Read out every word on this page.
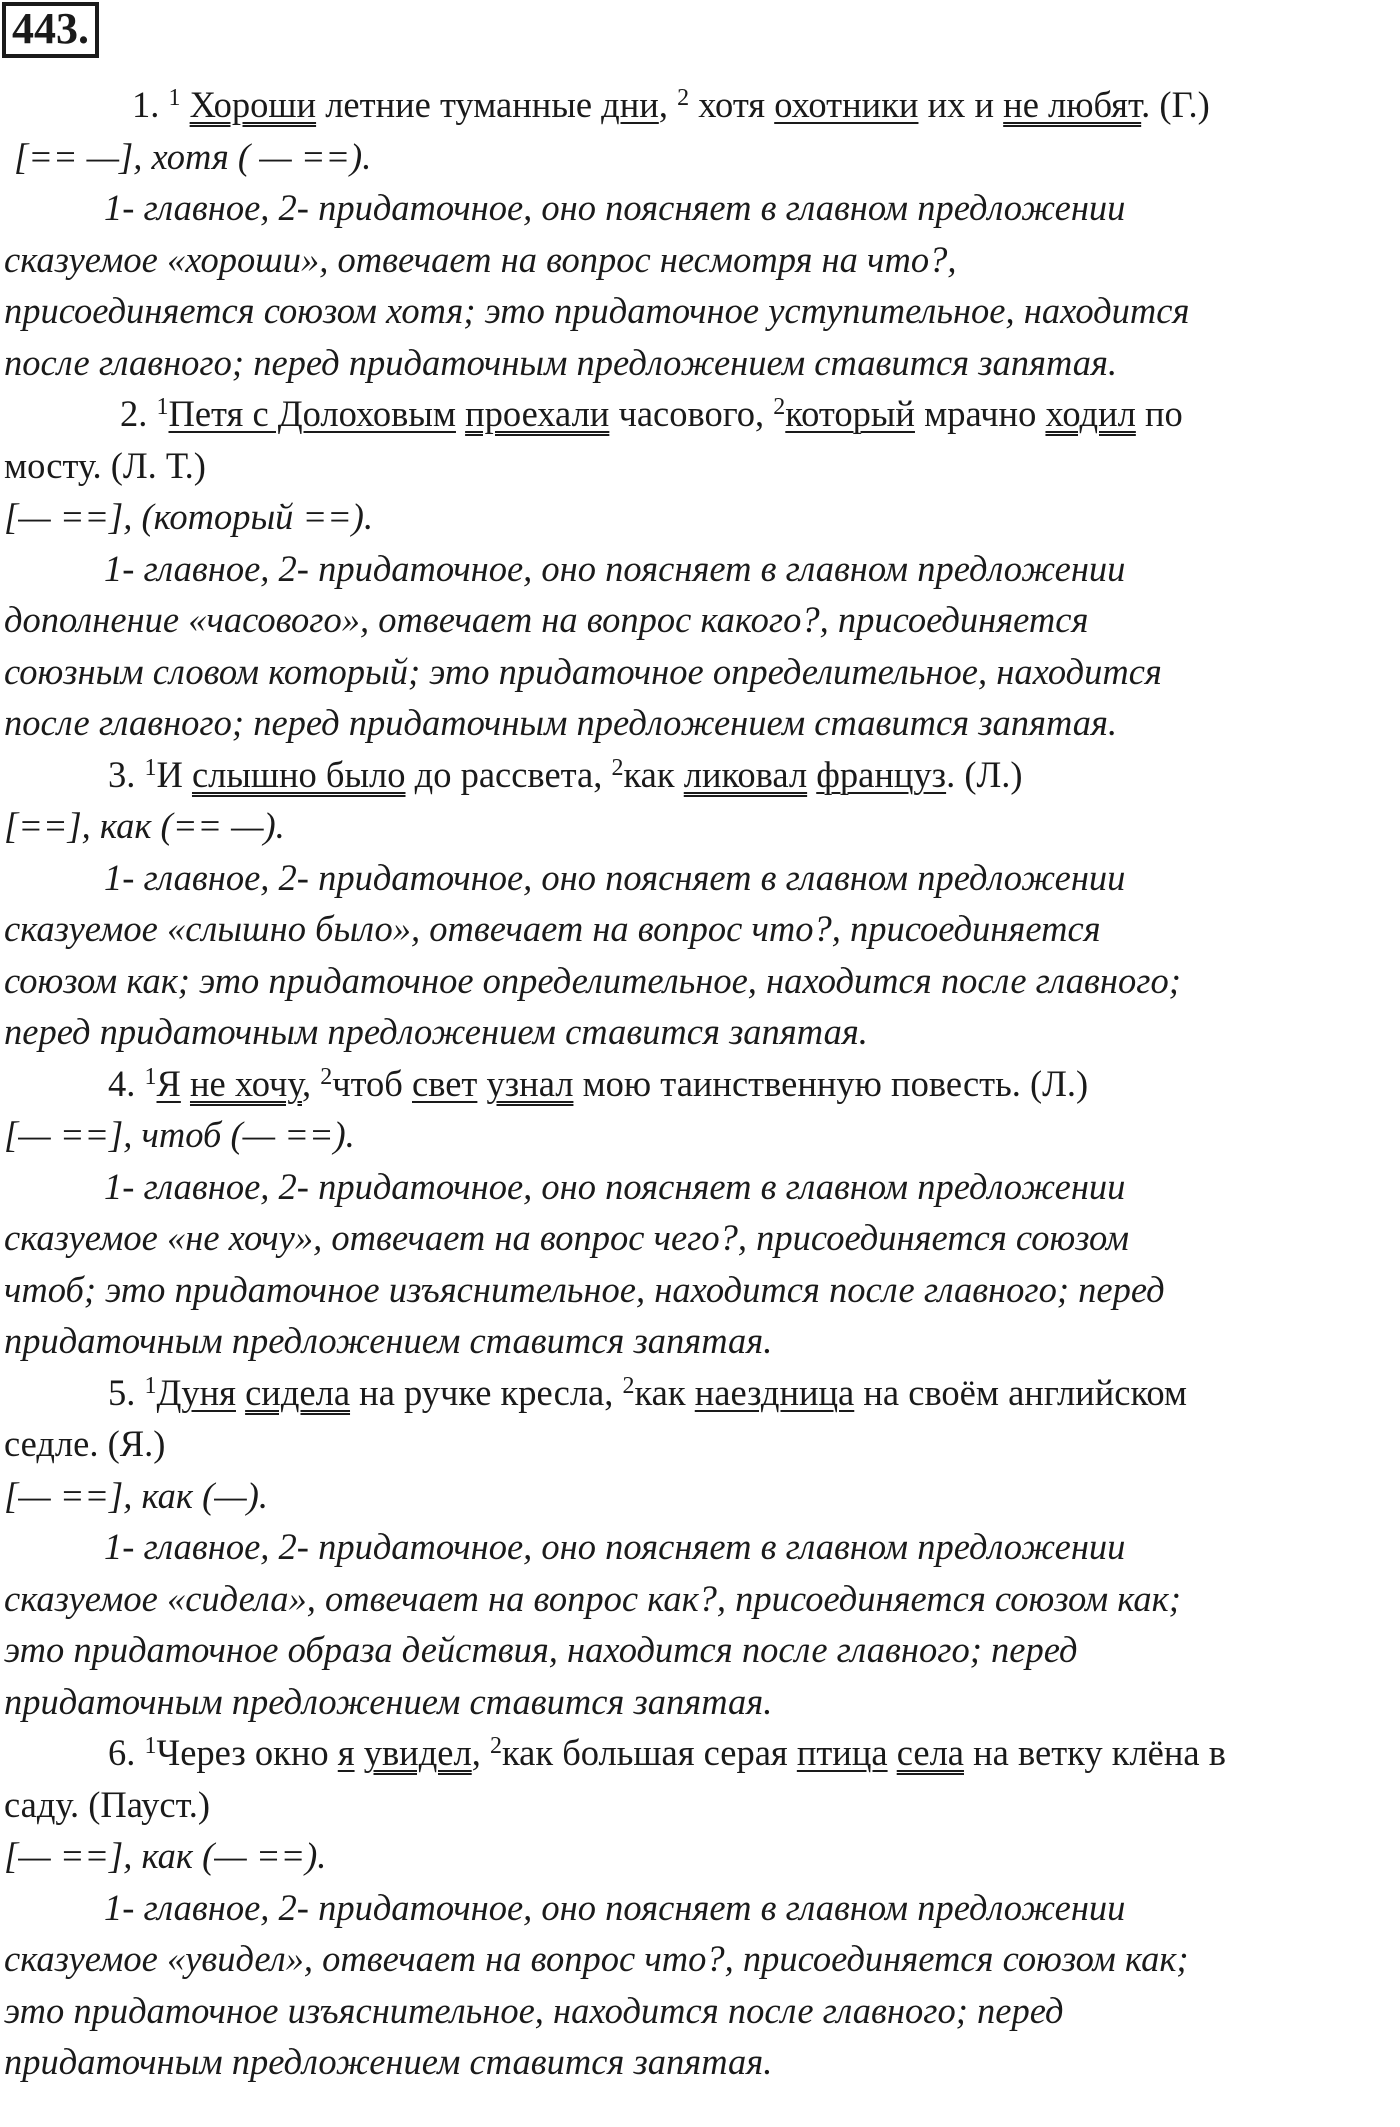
443.
1. $^1$ Хороши летние туманные дни, $^2$ хотя охотники их и не любят. (Г.)
[== —], хотя ( — ==).
1- главное, 2- придаточное, оно поясняет в главном предложении
сказуемое «хороши», отвечает на вопрос несмотря на что?,
присоединяется союзом хотя; это придаточное уступительное, находится
после главного; перед придаточным предложением ставится запятая.
2. $^1$Петя с Долоховым проехали часового, $^2$который мрачно ходил по
мосту. (Л. Т.)
[— ==], (который ==).
1- главное, 2- придаточное, оно поясняет в главном предложении
дополнение «часового», отвечает на вопрос какого?, присоединяется
союзным словом который; это придаточное определительное, находится
после главного; перед придаточным предложением ставится запятая.
3. $^1$И слышно было до рассвета, $^2$как ликовал француз. (Л.)
[==], как (== —).
1- главное, 2- придаточное, оно поясняет в главном предложении
сказуемое «слышно было», отвечает на вопрос что?, присоединяется
союзом как; это придаточное определительное, находится после главного;
перед придаточным предложением ставится запятая.
4. $^1$Я не хочу, $^2$чтоб свет узнал мою таинственную повесть. (Л.)
[— ==], чтоб (— ==).
1- главное, 2- придаточное, оно поясняет в главном предложении
сказуемое «не хочу», отвечает на вопрос чего?, присоединяется союзом
чтоб; это придаточное изъяснительное, находится после главного; перед
придаточным предложением ставится запятая.
5. $^1$Дуня сидела на ручке кресла, $^2$как наездница на своём английском
седле. (Я.)
[— ==], как (—).
1- главное, 2- придаточное, оно поясняет в главном предложении
сказуемое «сидела», отвечает на вопрос как?, присоединяется союзом как;
это придаточное образа действия, находится после главного; перед
придаточным предложением ставится запятая.
6. $^1$Через окно я увидел, $^2$как большая серая птица села на ветку клёна в
саду. (Пауст.)
[— ==], как (— ==).
1- главное, 2- придаточное, оно поясняет в главном предложении
сказуемое «увидел», отвечает на вопрос что?, присоединяется союзом как;
это придаточное изъяснительное, находится после главного; перед
придаточным предложением ставится запятая.
